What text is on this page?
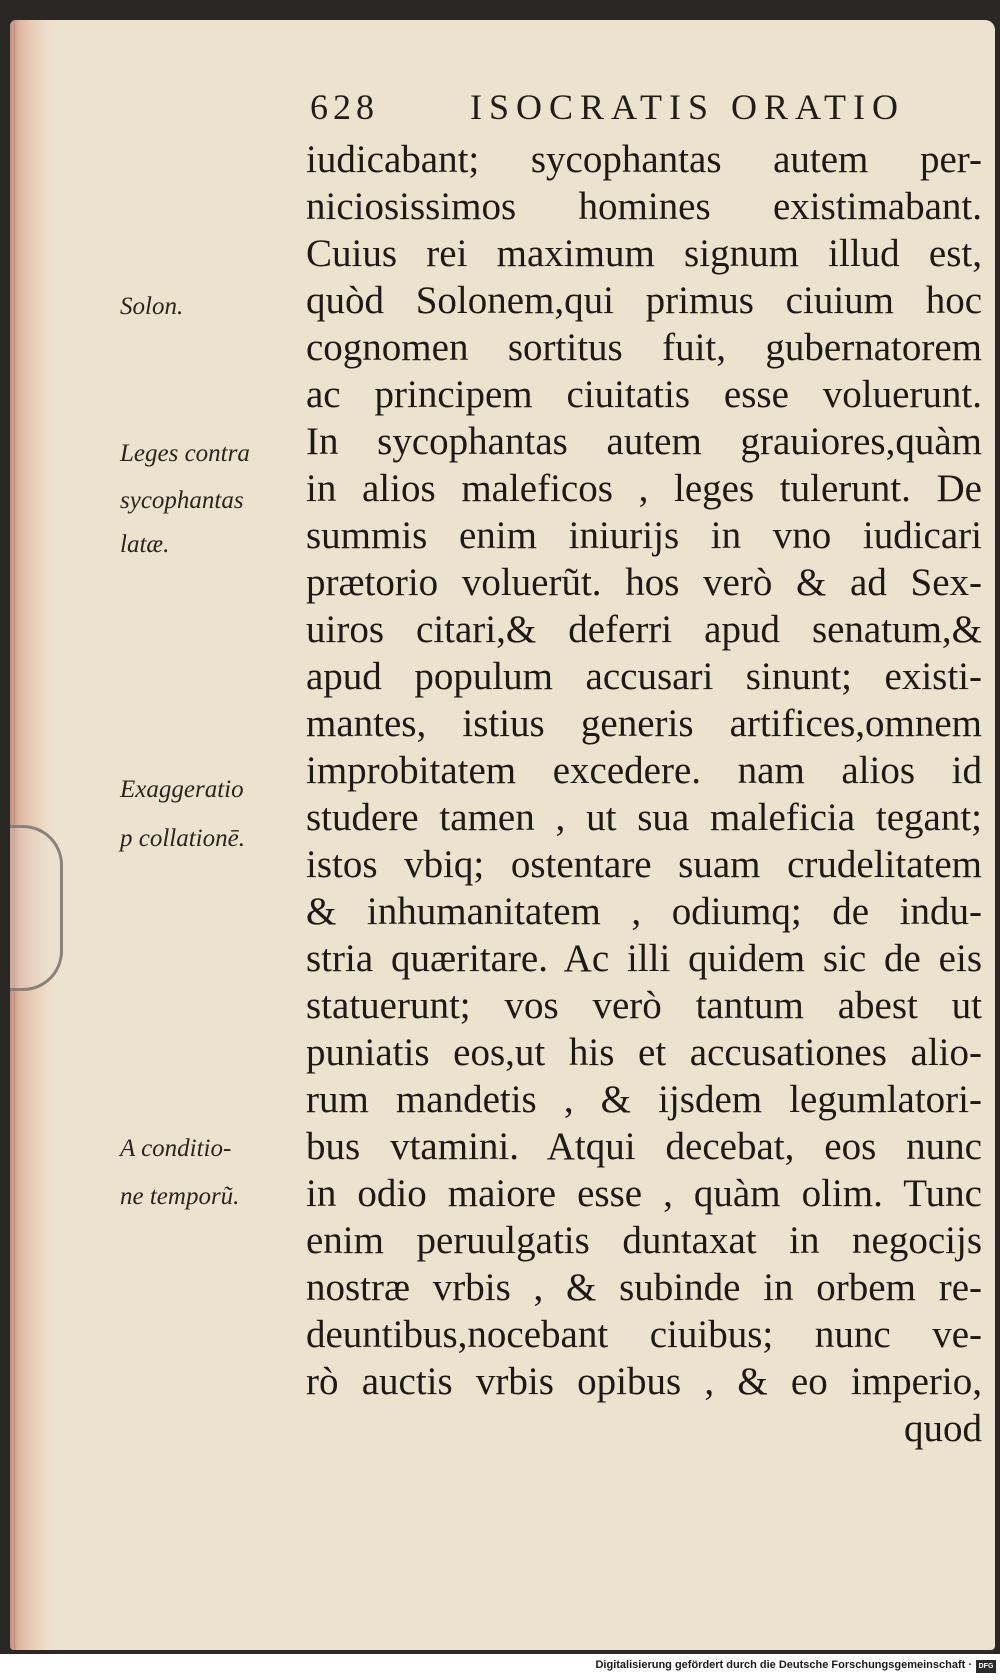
628	ISOCRATIS ORATIO
Solon.
Leges contra
sycophantas
latæ.
Exaggeratio
p collationē.
A conditio-
ne temporũ.
iudicabant; sycophantas autem per-
niciosissimos homines existimabant.
Cuius rei maximum signum illud est,
quòd Solonem,qui primus ciuium hoc
cognomen sortitus fuit, gubernatorem
ac principem ciuitatis esse voluerunt.
In sycophantas autem grauiores,quàm
in alios maleficos , leges tulerunt. De
summis enim iniurijs in vno iudicari
prætorio voluerũt. hos verò & ad Sex-
uiros citari,& deferri apud senatum,&
apud populum accusari sinunt; existi-
mantes, istius generis artifices,omnem
improbitatem excedere. nam alios id
studere tamen , ut sua maleficia tegant;
istos vbiq; ostentare suam crudelitatem
& inhumanitatem , odiumq; de indu-
stria quæritare. Ac illi quidem sic de eis
statuerunt; vos verò tantum abest ut
puniatis eos,ut his et accusationes alio-
rum mandetis , & ijsdem legumlatori-
bus vtamini. Atqui decebat, eos nunc
in odio maiore esse , quàm olim. Tunc
enim peruulgatis duntaxat in negocijs
nostræ vrbis , & subinde in orbem re-
deuntibus,nocebant ciuibus; nunc ve-
rò auctis vrbis opibus , & eo imperio,
quod
Digitalisierung gefördert durch die Deutsche Forschungsgemeinschaft · DFG
